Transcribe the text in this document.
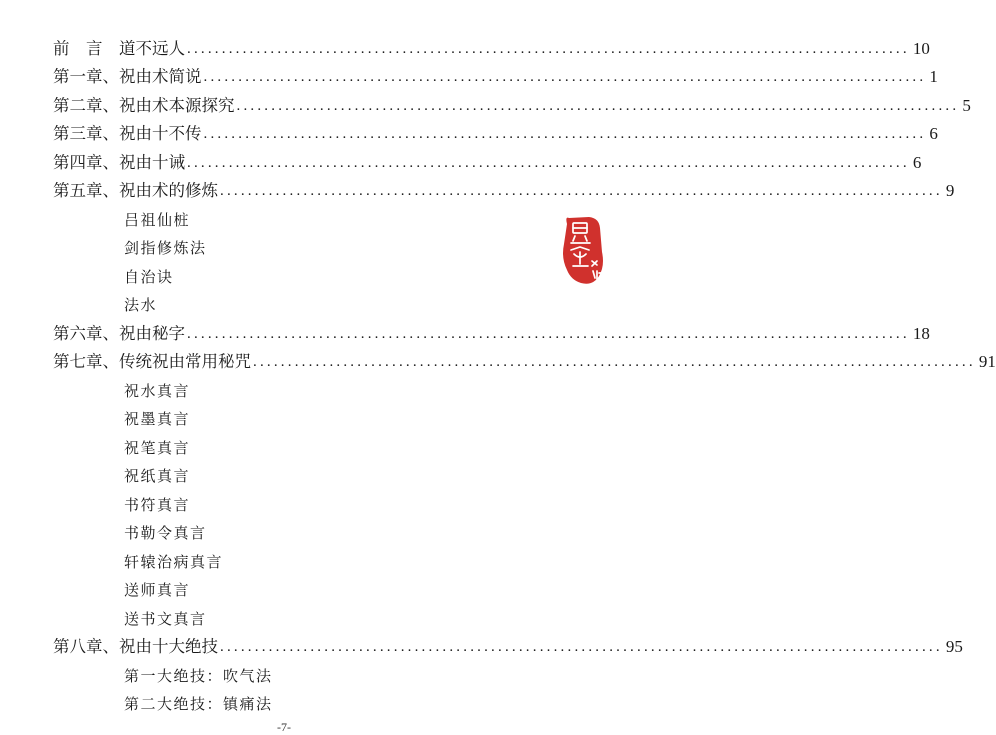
前　言　 道不远人 ........................................................................................................ 10
第一章、祝由术简说 ........................................................................................................ 1
第二章、祝由术本源探究 ........................................................................................................ 5
第三章、祝由十不传 ........................................................................................................ 6
第四章、祝由十诫 ........................................................................................................ 6
第五章、祝由术的修炼 ........................................................................................................ 9
吕祖仙桩
剑指修炼法
自治诀
法水
第六章、祝由秘字 ........................................................................................................ 18
第七章、传统祝由常用秘咒 ........................................................................................................ 91
祝水真言
祝墨真言
祝笔真言
祝纸真言
书符真言
书勒令真言
轩辕治病真言
送师真言
送书文真言
第八章、祝由十大绝技 ........................................................................................................ 95
第一大绝技：吹气法
第二大绝技：镇痛法
-7-
